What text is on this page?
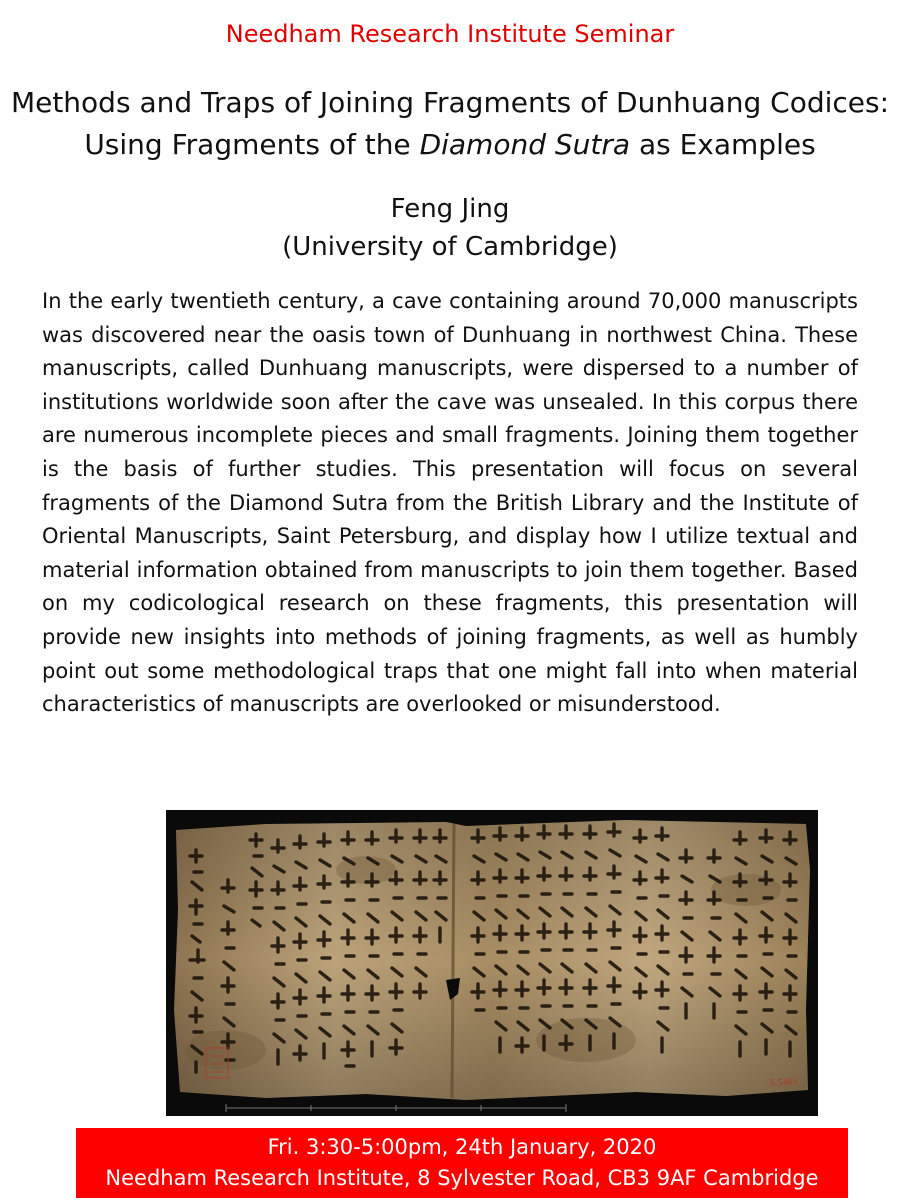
Needham Research Institute Seminar
Methods and Traps of Joining Fragments of Dunhuang Codices:
Using Fragments of the Diamond Sutra as Examples
Feng Jing
(University of Cambridge)

In the early twentieth century, a cave containing around 70,000 manuscripts was discovered near the oasis town of Dunhuang in northwest China. These manuscripts, called Dunhuang manuscripts, were dispersed to a number of institutions worldwide soon after the cave was unsealed. In this corpus there are numerous incomplete pieces and small fragments. Joining them together is the basis of further studies. This presentation will focus on several fragments of the Diamond Sutra from the British Library and the Institute of Oriental Manuscripts, Saint Petersburg, and display how I utilize textual and material information obtained from manuscripts to join them together. Based on my codicological research on these fragments, this presentation will provide new insights into methods of joining fragments, as well as humbly point out some methodological traps that one might fall into when material characteristics of manuscripts are overlooked or misunderstood.

S.5465
Fri. 3:30-5:00pm, 24th January, 2020
Needham Research Institute, 8 Sylvester Road, CB3 9AF Cambridge
